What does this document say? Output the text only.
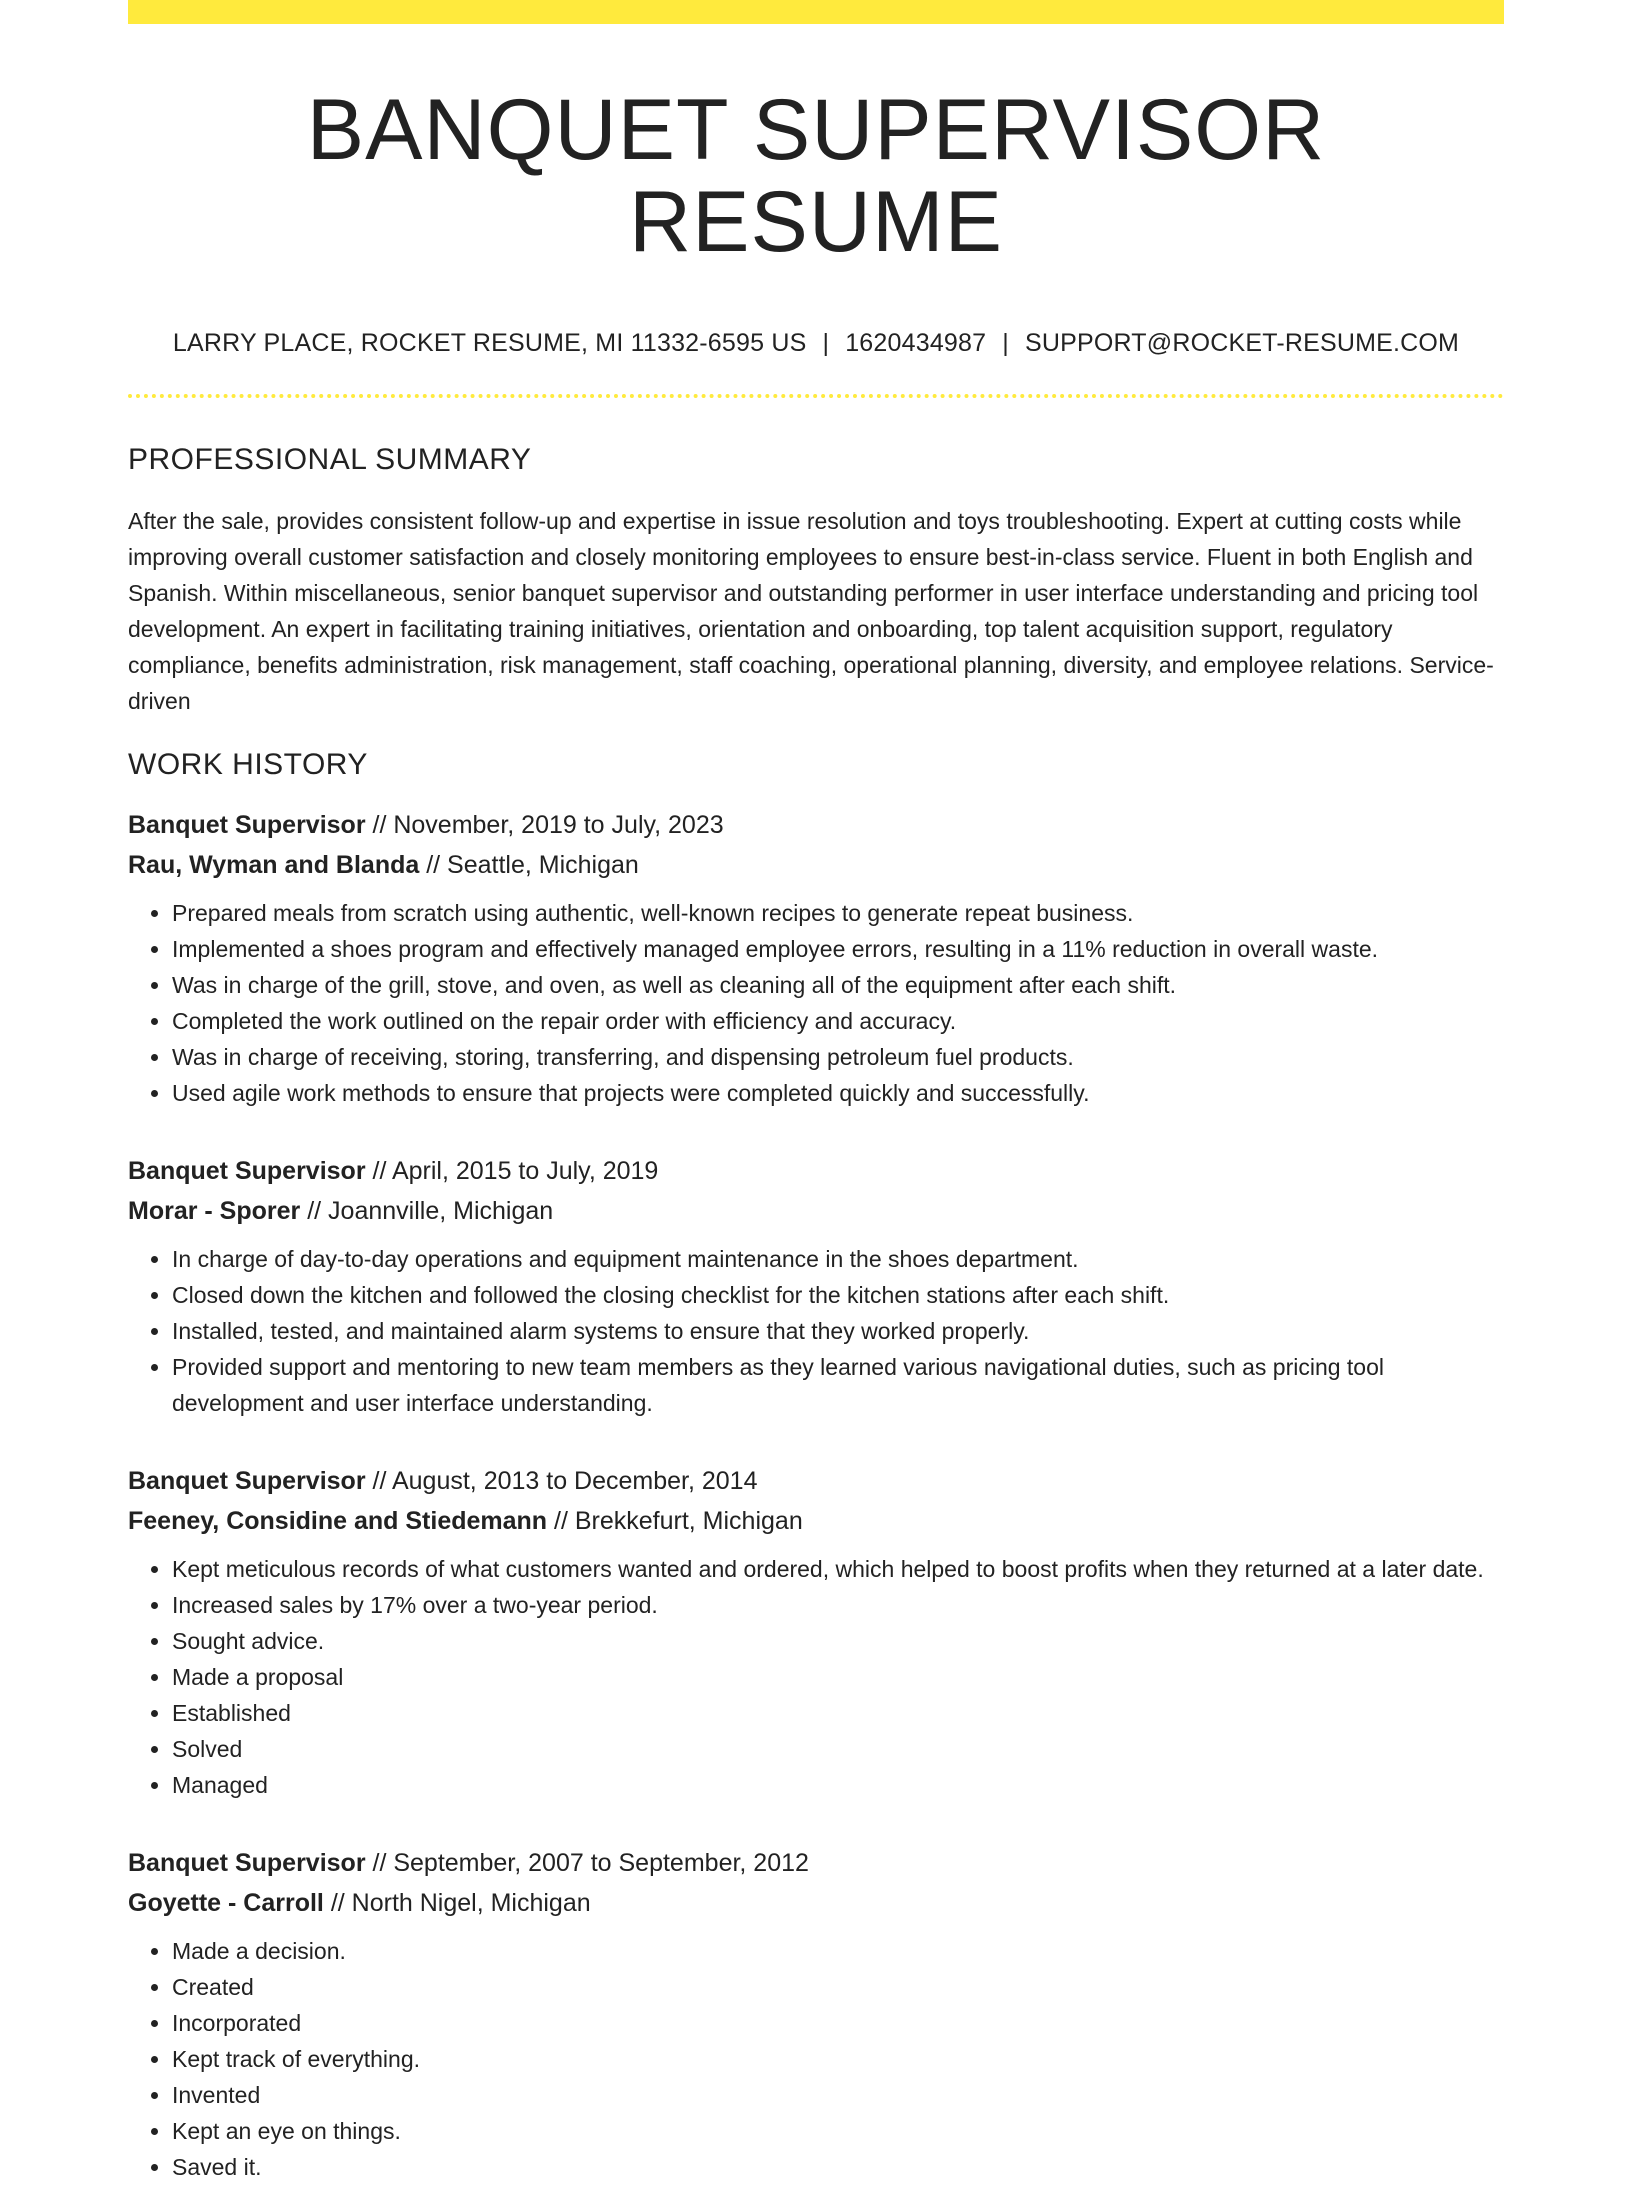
BANQUET SUPERVISOR RESUME
LARRY PLACE, ROCKET RESUME, MI 11332-6595 US | 1620434987 | SUPPORT@ROCKET-RESUME.COM
PROFESSIONAL SUMMARY

After the sale, provides consistent follow-up and expertise in issue resolution and toys troubleshooting. Expert at cutting costs while improving overall customer satisfaction and closely monitoring employees to ensure best-in-class service. Fluent in both English and Spanish. Within miscellaneous, senior banquet supervisor and outstanding performer in user interface understanding and pricing tool development. An expert in facilitating training initiatives, orientation and onboarding, top talent acquisition support, regulatory compliance, benefits administration, risk management, staff coaching, operational planning, diversity, and employee relations. Service-driven

WORK HISTORY
Banquet Supervisor // November, 2019 to July, 2023
Rau, Wyman and Blanda // Seattle, Michigan
• Prepared meals from scratch using authentic, well-known recipes to generate repeat business.
• Implemented a shoes program and effectively managed employee errors, resulting in a 11% reduction in overall waste.
• Was in charge of the grill, stove, and oven, as well as cleaning all of the equipment after each shift.
• Completed the work outlined on the repair order with efficiency and accuracy.
• Was in charge of receiving, storing, transferring, and dispensing petroleum fuel products.
• Used agile work methods to ensure that projects were completed quickly and successfully.
Banquet Supervisor // April, 2015 to July, 2019
Morar - Sporer // Joannville, Michigan
• In charge of day-to-day operations and equipment maintenance in the shoes department.
• Closed down the kitchen and followed the closing checklist for the kitchen stations after each shift.
• Installed, tested, and maintained alarm systems to ensure that they worked properly.
• Provided support and mentoring to new team members as they learned various navigational duties, such as pricing tool development and user interface understanding.
Banquet Supervisor // August, 2013 to December, 2014
Feeney, Considine and Stiedemann // Brekkefurt, Michigan
• Kept meticulous records of what customers wanted and ordered, which helped to boost profits when they returned at a later date.
• Increased sales by 17% over a two-year period.
• Sought advice.
• Made a proposal
• Established
• Solved
• Managed
Banquet Supervisor // September, 2007 to September, 2012
Goyette - Carroll // North Nigel, Michigan
• Made a decision.
• Created
• Incorporated
• Kept track of everything.
• Invented
• Kept an eye on things.
• Saved it.
